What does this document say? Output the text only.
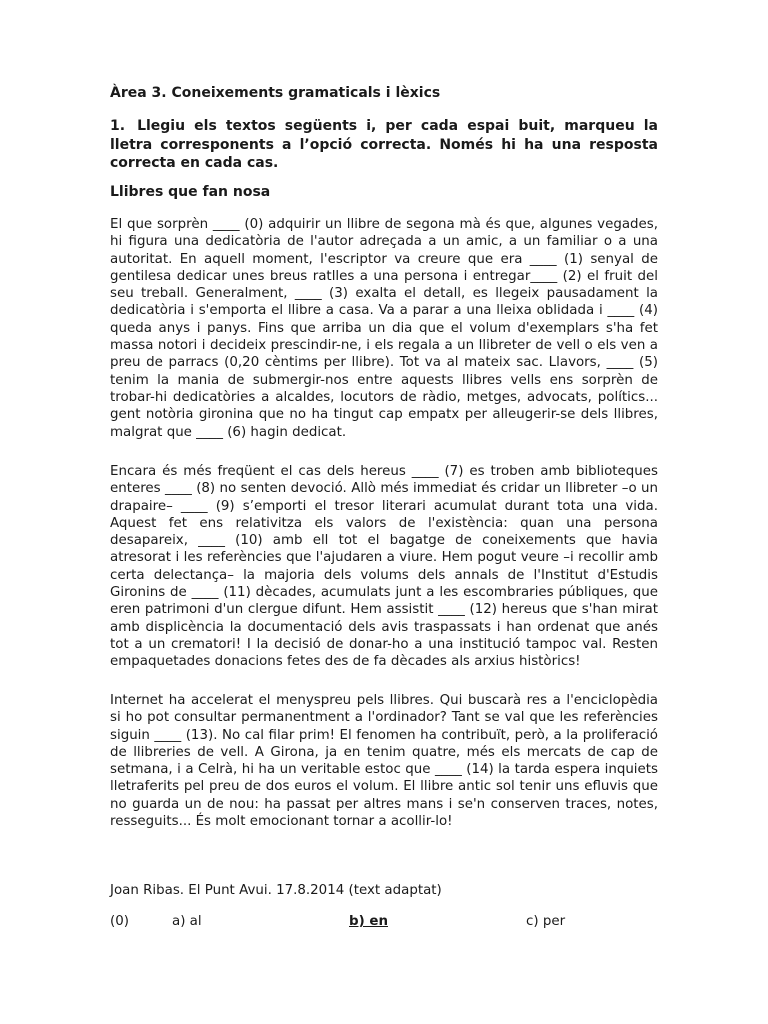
Àrea 3. Coneixements gramaticals i lèxics

1. Llegiu els textos següents i, per cada espai buit, marqueu la lletra corresponents a l’opció correcta. Només hi ha una resposta correcta en cada cas.

Llibres que fan nosa

El que sorprèn ____ (0) adquirir un llibre de segona mà és que, algunes vegades, hi figura una dedicatòria de l'autor adreçada a un amic, a un familiar o a una autoritat. En aquell moment, l'escriptor va creure que era ____ (1) senyal de gentilesa dedicar unes breus ratlles a una persona i entregar____ (2) el fruit del seu treball. Generalment, ____ (3) exalta el detall, es llegeix pausadament la dedicatòria i s'emporta el llibre a casa. Va a parar a una lleixa oblidada i ____ (4) queda anys i panys. Fins que arriba un dia que el volum d'exemplars s'ha fet massa notori i decideix prescindir-ne, i els regala a un llibreter de vell o els ven a preu de parracs (0,20 cèntims per llibre). Tot va al mateix sac. Llavors, ____ (5) tenim la mania de submergir-nos entre aquests llibres vells ens sorprèn de trobar-hi dedicatòries a alcaldes, locutors de ràdio, metges, advocats, polítics... gent notòria gironina que no ha tingut cap empatx per alleugerir-se dels llibres, malgrat que ____ (6) hagin dedicat.

Encara és més freqüent el cas dels hereus ____ (7) es troben amb biblioteques enteres ____ (8) no senten devoció. Allò més immediat és cridar un llibreter –o un drapaire– ____ (9) s’emporti el tresor literari acumulat durant tota una vida. Aquest fet ens relativitza els valors de l'existència: quan una persona desapareix, ____ (10) amb ell tot el bagatge de coneixements que havia atresorat i les referències que l'ajudaren a viure. Hem pogut veure –i recollir amb certa delectança– la majoria dels volums dels annals de l'Institut d'Estudis Gironins de ____ (11) dècades, acumulats junt a les escombraries públiques, que eren patrimoni d'un clergue difunt. Hem assistit ____ (12) hereus que s'han mirat amb displicència la documentació dels avis traspassats i han ordenat que anés tot a un crematori! I la decisió de donar-ho a una institució tampoc val. Resten empaquetades donacions fetes des de fa dècades als arxius històrics!

Internet ha accelerat el menyspreu pels llibres. Qui buscarà res a l'enciclopèdia si ho pot consultar permanentment a l'ordinador? Tant se val que les referències siguin ____ (13). No cal filar prim! El fenomen ha contribuït, però, a la proliferació de llibreries de vell. A Girona, ja en tenim quatre, més els mercats de cap de setmana, i a Celrà, hi ha un veritable estoc que ____ (14) la tarda espera inquiets lletraferits pel preu de dos euros el volum. El llibre antic sol tenir uns efluvis que no guarda un de nou: ha passat per altres mans i se'n conserven traces, notes, resseguits... És molt emocionant tornar a acollir-lo!

Joan Ribas. El Punt Avui. 17.8.2014 (text adaptat)

(0)	a) al	b) en	c) per
